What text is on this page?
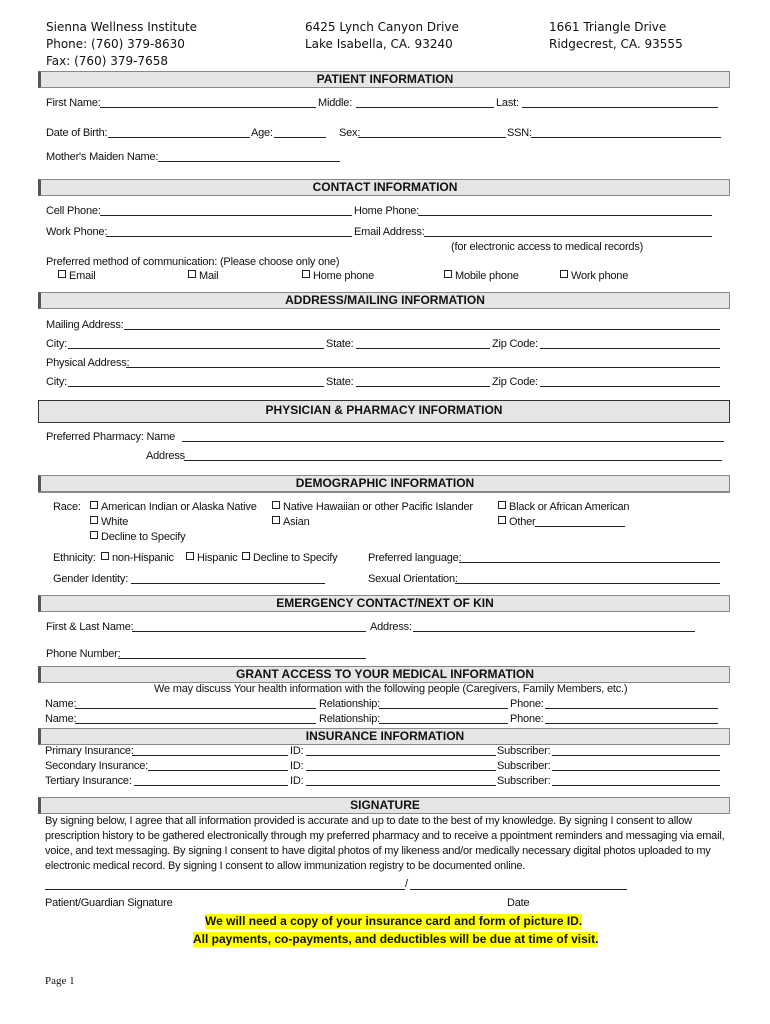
Sienna Wellness Institute
Phone: (760) 379-8630
Fax: (760) 379-7658
6425 Lynch Canyon Drive
Lake Isabella, CA. 93240
1661 Triangle Drive
Ridgecrest, CA. 93555
PATIENT INFORMATION
First Name:	Middle:	Last:
Date of Birth:	Age:	Sex:	SSN:
Mother's Maiden Name:
CONTACT INFORMATION
Cell Phone:	Home Phone:
Work Phone:	Email Address:
(for electronic access to medical records)
Preferred method of communication: (Please choose only one)
Email	Mail	Home phone	Mobile phone	Work phone
ADDRESS/MAILING INFORMATION
Mailing Address:
City:	State:	Zip Code:
Physical Address:
City:	State:	Zip Code:
PHYSICIAN & PHARMACY INFORMATION
Preferred Pharmacy: Name
Address
DEMOGRAPHIC INFORMATION
Race:	American Indian or Alaska Native	Native Hawaiian or other Pacific Islander	Black or African American
White	Asian	Other
Decline to Specify
Ethnicity:	non-Hispanic	Hispanic	Decline to Specify	Preferred language:
Gender Identity:	Sexual Orientation:
EMERGENCY CONTACT/NEXT OF KIN
First & Last Name:	Address:
Phone Number:
GRANT ACCESS TO YOUR MEDICAL INFORMATION
We may discuss Your health information with the following people (Caregivers, Family Members, etc.)
Name:	Relationship:	Phone:
Name:	Relationship:	Phone:
INSURANCE INFORMATION
Primary Insurance:	ID:	Subscriber:
Secondary Insurance:	ID:	Subscriber:
Tertiary Insurance:	ID:	Subscriber:
SIGNATURE
By signing below, I agree that all information provided is accurate and up to date to the best of my knowledge. By signing I consent to allow
prescription history to be gathered electronically through my preferred pharmacy and to receive a ppointment reminders and messaging via email,
voice, and text messaging. By signing I consent to have digital photos of my likeness and/or medically necessary digital photos uploaded to my
electronic medical record. By signing I consent to allow immunization registry to be documented online.
/
Patient/Guardian Signature	Date
We will need a copy of your insurance card and form of picture ID.
All payments, co-payments, and deductibles will be due at time of visit.
Page 1
